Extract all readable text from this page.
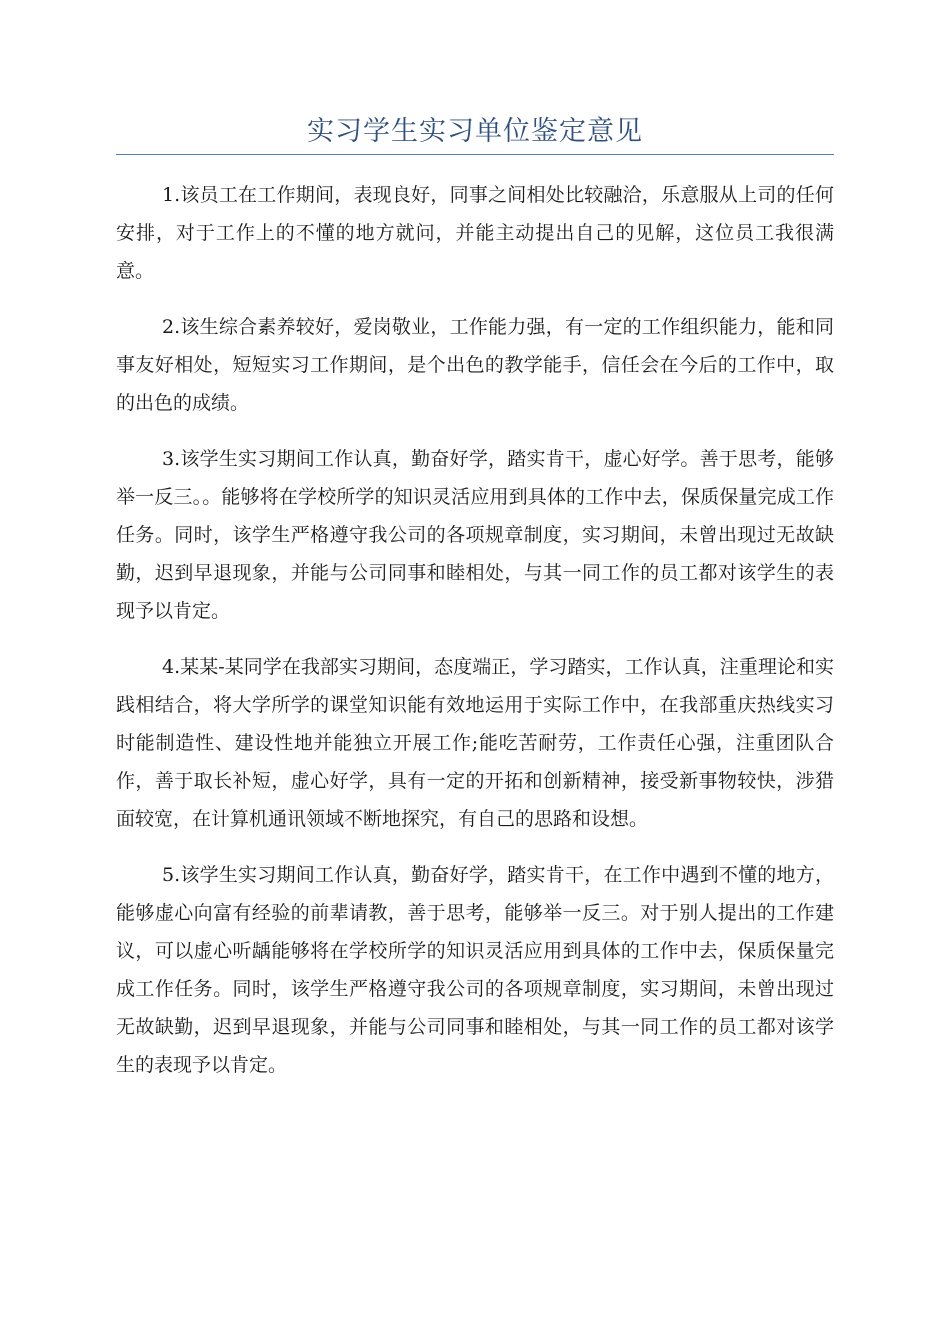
实习学生实习单位鉴定意见

1.该员工在工作期间，表现良好，同事之间相处比较融洽，乐意服从上司的任何安排，对于工作上的不懂的地方就问，并能主动提出自己的见解，这位员工我很满意。

2.该生综合素养较好，爱岗敬业，工作能力强，有一定的工作组织能力，能和同事友好相处，短短实习工作期间，是个出色的教学能手，信任会在今后的工作中，取的出色的成绩。

3.该学生实习期间工作认真，勤奋好学，踏实肯干，虚心好学。善于思考，能够举一反三。。能够将在学校所学的知识灵活应用到具体的工作中去，保质保量完成工作任务。同时，该学生严格遵守我公司的各项规章制度，实习期间，未曾出现过无故缺勤，迟到早退现象，并能与公司同事和睦相处，与其一同工作的员工都对该学生的表现予以肯定。

4.某某-某同学在我部实习期间，态度端正，学习踏实，工作认真，注重理论和实践相结合，将大学所学的课堂知识能有效地运用于实际工作中，在我部重庆热线实习时能制造性、建设性地并能独立开展工作;能吃苦耐劳，工作责任心强，注重团队合作，善于取长补短，虚心好学，具有一定的开拓和创新精神，接受新事物较快，涉猎面较宽，在计算机通讯领域不断地探究，有自己的思路和设想。

5.该学生实习期间工作认真，勤奋好学，踏实肯干，在工作中遇到不懂的地方，能够虚心向富有经验的前辈请教，善于思考，能够举一反三。对于别人提出的工作建议，可以虚心听龋能够将在学校所学的知识灵活应用到具体的工作中去，保质保量完成工作任务。同时，该学生严格遵守我公司的各项规章制度，实习期间，未曾出现过无故缺勤，迟到早退现象，并能与公司同事和睦相处，与其一同工作的员工都对该学生的表现予以肯定。
